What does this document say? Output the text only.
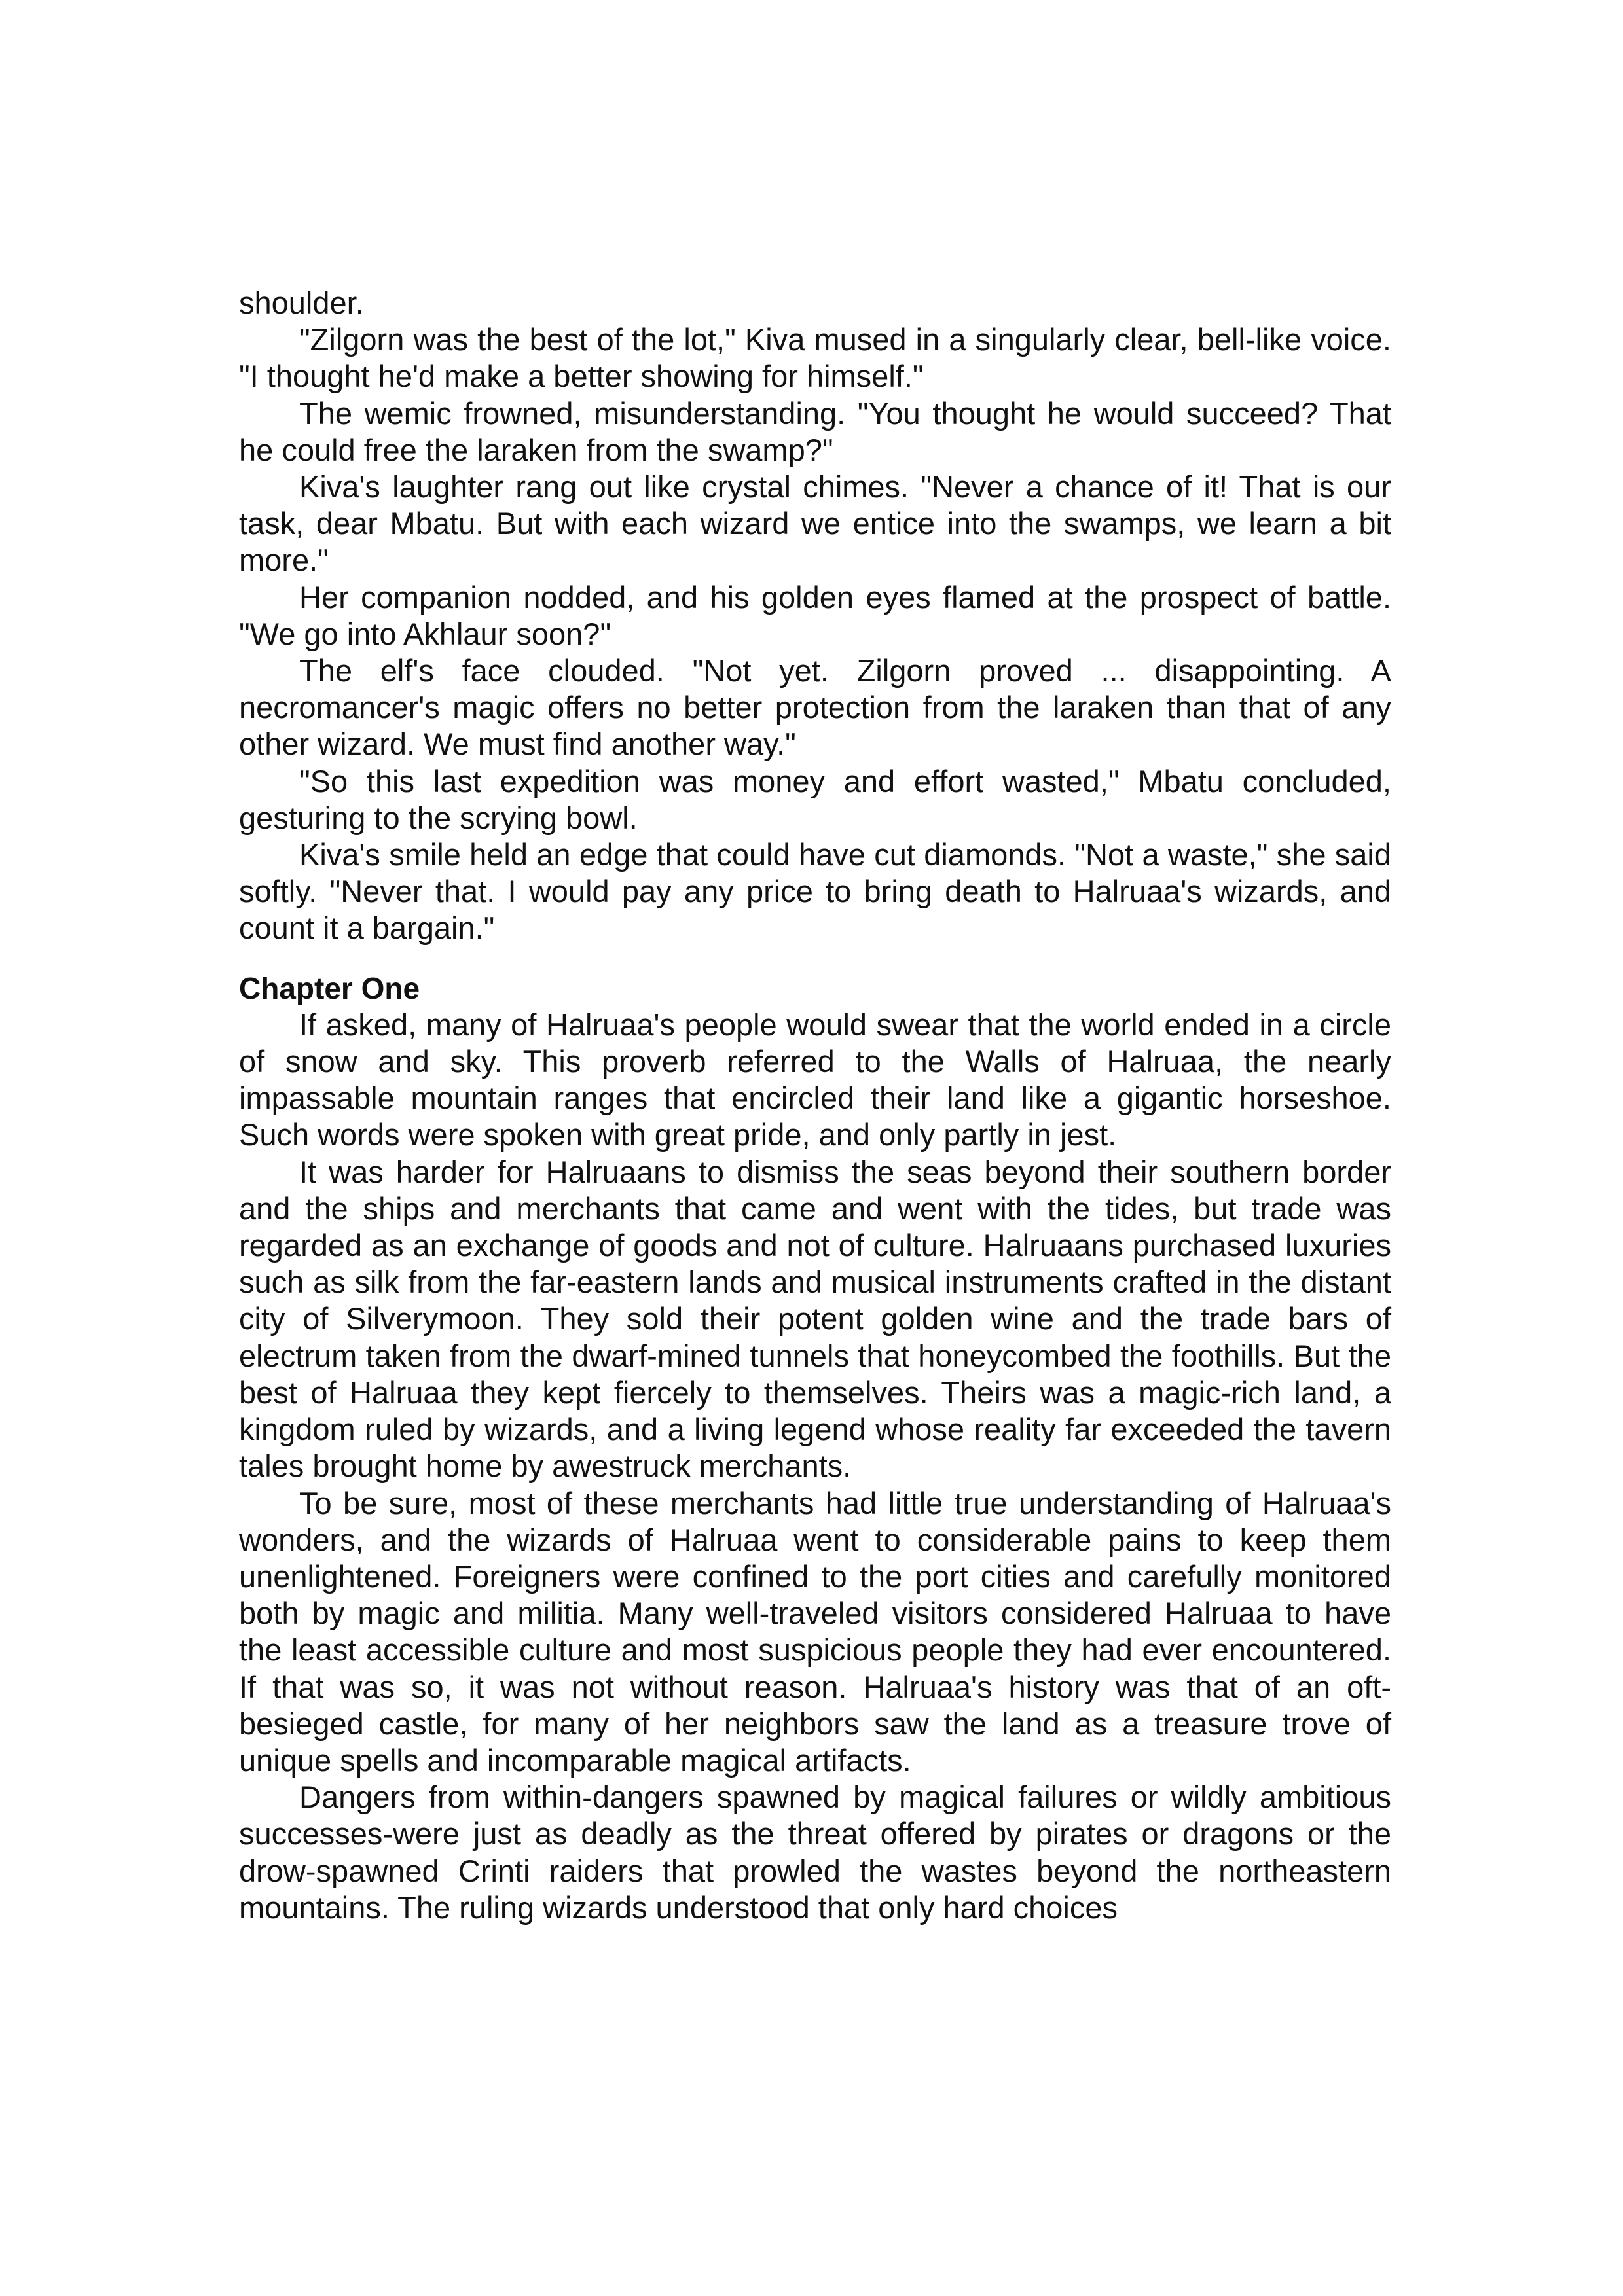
shoulder.

"Zilgorn was the best of the lot," Kiva mused in a singularly clear, bell-like voice. "I thought he'd make a better showing for himself."

The wemic frowned, misunderstanding. "You thought he would succeed? That he could free the laraken from the swamp?"

Kiva's laughter rang out like crystal chimes. "Never a chance of it! That is our task, dear Mbatu. But with each wizard we entice into the swamps, we learn a bit more."

Her companion nodded, and his golden eyes flamed at the prospect of battle. "We go into Akhlaur soon?"

The elf's face clouded. "Not yet. Zilgorn proved ... disappointing. A necromancer's magic offers no better protection from the laraken than that of any other wizard. We must find another way."

"So this last expedition was money and effort wasted," Mbatu concluded, gesturing to the scrying bowl.

Kiva's smile held an edge that could have cut diamonds. "Not a waste," she said softly. "Never that. I would pay any price to bring death to Halruaa's wizards, and count it a bargain."

Chapter One

If asked, many of Halruaa's people would swear that the world ended in a circle of snow and sky. This proverb referred to the Walls of Halruaa, the nearly impassable mountain ranges that encircled their land like a gigantic horseshoe. Such words were spoken with great pride, and only partly in jest.

It was harder for Halruaans to dismiss the seas beyond their southern border and the ships and merchants that came and went with the tides, but trade was regarded as an exchange of goods and not of culture. Halruaans purchased luxuries such as silk from the far-eastern lands and musical instruments crafted in the distant city of Silverymoon. They sold their potent golden wine and the trade bars of electrum taken from the dwarf-mined tunnels that honeycombed the foothills. But the best of Halruaa they kept fiercely to themselves. Theirs was a magic-rich land, a kingdom ruled by wizards, and a living legend whose reality far exceeded the tavern tales brought home by awestruck merchants.

To be sure, most of these merchants had little true understanding of Halruaa's wonders, and the wizards of Halruaa went to considerable pains to keep them unenlightened. Foreigners were confined to the port cities and carefully monitored both by magic and militia. Many well-traveled visitors considered Halruaa to have the least accessible culture and most suspicious people they had ever encountered. If that was so, it was not without reason. Halruaa's history was that of an oft-besieged castle, for many of her neighbors saw the land as a treasure trove of unique spells and incomparable magical artifacts.

Dangers from within-dangers spawned by magical failures or wildly ambitious successes-were just as deadly as the threat offered by pirates or dragons or the drow-spawned Crinti raiders that prowled the wastes beyond the northeastern mountains. The ruling wizards understood that only hard choices
